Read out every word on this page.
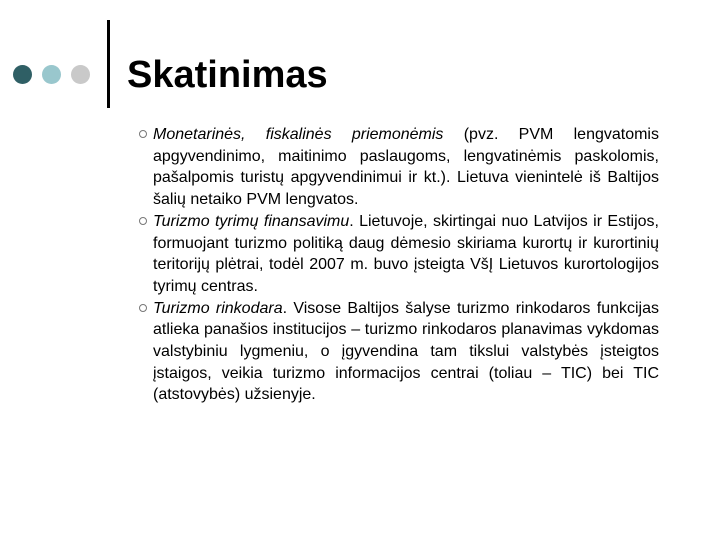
Skatinimas
Monetarinės, fiskalinės priemonėmis (pvz. PVM lengvatomis apgyvendinimo, maitinimo paslaugoms, lengvatinėmis paskolomis, pašalpomis turistų apgyvendinimui ir kt.). Lietuva vienintelė iš Baltijos šalių netaiko PVM lengvatos.
Turizmo tyrimų finansavimu. Lietuvoje, skirtingai nuo Latvijos ir Estijos, formuojant turizmo politiką daug dėmesio skiriama kurortų ir kurortinių teritorijų plėtrai, todėl 2007 m. buvo įsteigta VšĮ Lietuvos kurortologijos tyrimų centras.
Turizmo rinkodara. Visose Baltijos šalyse turizmo rinkodaros funkcijas atlieka panašios institucijos – turizmo rinkodaros planavimas vykdomas valstybiniu lygmeniu, o įgyvendina tam tikslui valstybės įsteigtos įstaigos, veikia turizmo informacijos centrai (toliau – TIC) bei TIC (atstovybės) užsienyje.
